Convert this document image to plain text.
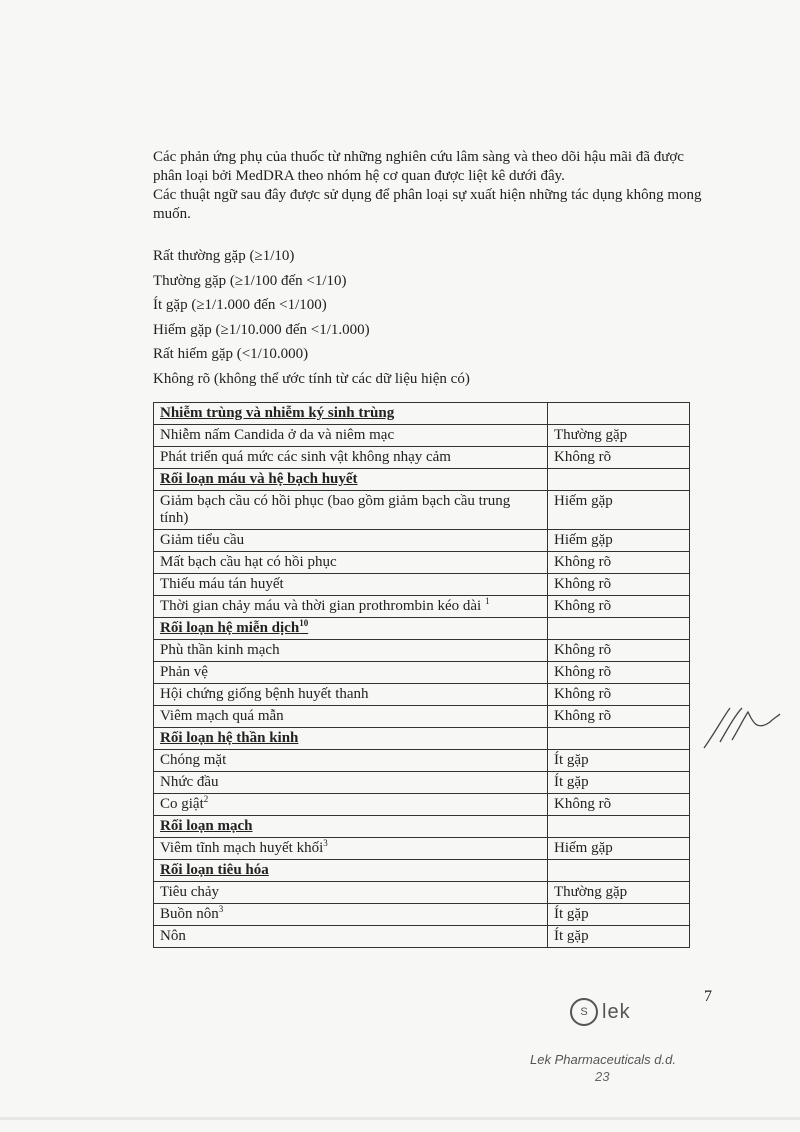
Các phản ứng phụ của thuốc từ những nghiên cứu lâm sàng và theo dõi hậu mãi đã được phân loại bởi MedDRA theo nhóm hệ cơ quan được liệt kê dưới đây.

Các thuật ngữ sau đây được sử dụng để phân loại sự xuất hiện những tác dụng không mong muốn.

Rất thường gặp (≥1/10)
Thường gặp (≥1/100 đến <1/10)
Ít gặp (≥1/1.000 đến <1/100)
Hiếm gặp (≥1/10.000 đến <1/1.000)
Rất hiếm gặp (<1/10.000)
Không rõ (không thể ước tính từ các dữ liệu hiện có)
Nhiễm trùng và nhiễm ký sinh trùng	
Nhiễm nấm Candida ở da và niêm mạc	Thường gặp
Phát triển quá mức các sinh vật không nhạy cảm	Không rõ
Rối loạn máu và hệ bạch huyết	
Giảm bạch cầu có hồi phục (bao gồm giảm bạch cầu trung tính)	Hiếm gặp
Giảm tiểu cầu	Hiếm gặp
Mất bạch cầu hạt có hồi phục	Không rõ
Thiếu máu tán huyết	Không rõ
Thời gian chảy máu và thời gian prothrombin kéo dài $^1$	Không rõ
Rối loạn hệ miễn dịch$^{10}$	
Phù thần kinh mạch	Không rõ
Phản vệ	Không rõ
Hội chứng giống bệnh huyết thanh	Không rõ
Viêm mạch quá mẫn	Không rõ
Rối loạn hệ thần kinh	
Chóng mặt	Ít gặp
Nhức đầu	Ít gặp
Co giật$^2$	Không rõ
Rối loạn mạch	
Viêm tĩnh mạch huyết khối$^3$	Hiếm gặp
Rối loạn tiêu hóa	
Tiêu chảy	Thường gặp
Buồn nôn$^3$	Ít gặp
Nôn	Ít gặp
7
S lek
Lek Pharmaceuticals d.d.
23
